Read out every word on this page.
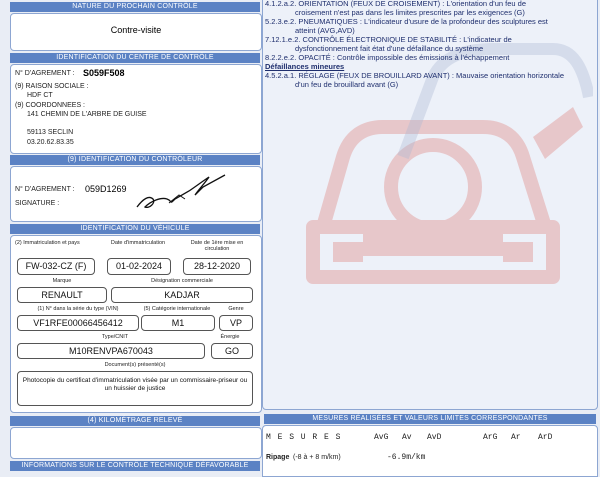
NATURE DU PROCHAIN CONTRÔLE
Contre-visite
IDENTIFICATION DU CENTRE DE CONTRÔLE
N° D'AGREMENT : S059F508
(9) RAISON SOCIALE :
HDF CT
(9) COORDONNEES :
141 CHEMIN DE L'ARBRE DE GUISE
59113 SECLIN
03.20.62.83.35
(9) IDENTIFICATION DU CONTRÔLEUR
N° D'AGREMENT : 059D1269
SIGNATURE :
IDENTIFICATION DU VÉHICULE
(2) Immatriculation et pays	Date d'immatriculation	Date de 1ère mise en circulation
FW-032-CZ (F)	01-02-2024	28-12-2020
Marque	Désignation commerciale
RENAULT	KADJAR
(1) N° dans la série du type (VIN)	(5) Catégorie internationale	Genre
VF1RFE00066456412	M1	VP
Type/CNIT	Énergie
M10RENVPA670043	GO
Document(s) présenté(s)
Photocopie du certificat d'immatriculation visée par un commissaire-priseur ou un huissier de justice
(4) KILOMÉTRAGE RELEVÉ
INFORMATIONS SUR LE CONTRÔLE TECHNIQUE DÉFAVORABLE
4.1.2.a.2. ORIENTATION (FEUX DE CROISEMENT) : L'orientation d'un feu de
croisement n'est pas dans les limites prescrites par les exigences (G)
5.2.3.e.2. PNEUMATIQUES : L'indicateur d'usure de la profondeur des sculptures est
atteint (AVG,AVD)
7.12.1.e.2. CONTRÔLE ÉLECTRONIQUE DE STABILITÉ : L'indicateur de
dysfonctionnement fait état d'une défaillance du système
8.2.2.e.2. OPACITÉ : Contrôle impossible des émissions à l'échappement
Défaillances mineures
4.5.2.a.1. RÉGLAGE (FEUX DE BROUILLARD AVANT) : Mauvaise orientation horizontale
d'un feu de brouillard avant (G)
MESURES RÉALISÉES ET VALEURS LIMITES CORRESPONDANTES
M E S U R E S	AvG Av AvD	ArG Ar ArD
Ripage (-8 à + 8 m/km)	-6.9m/km
